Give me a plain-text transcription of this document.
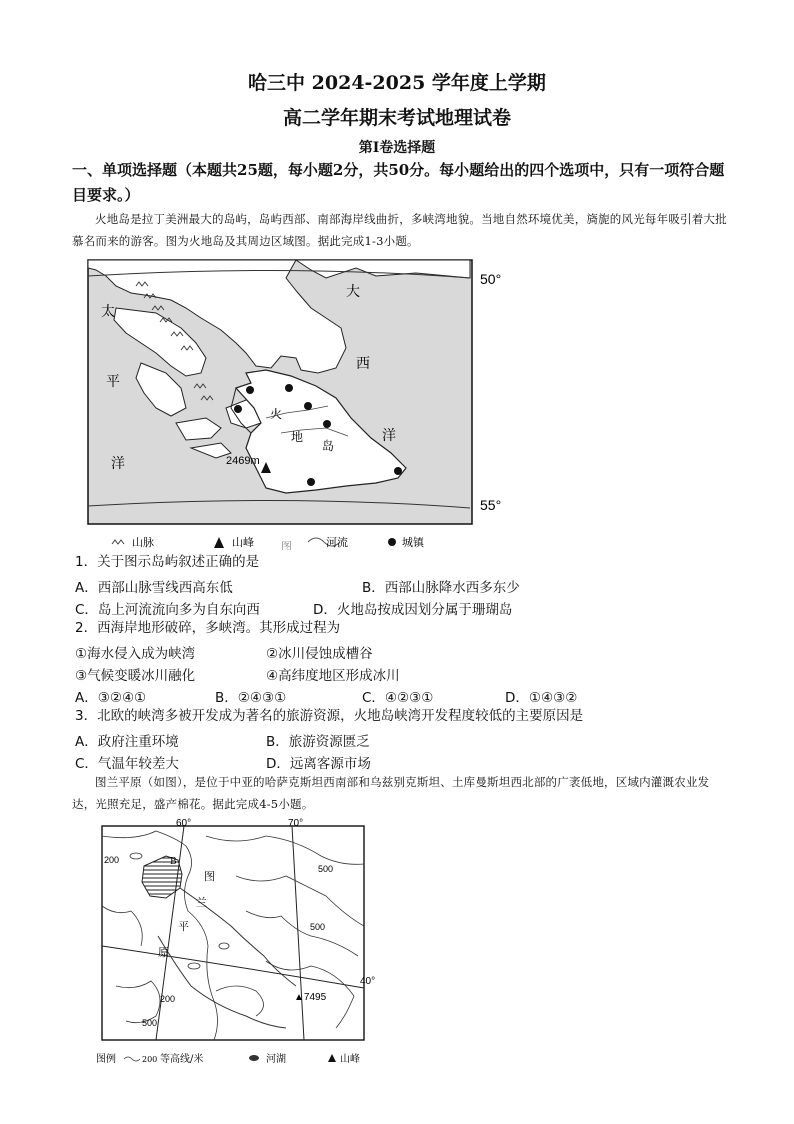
哈三中 2024-2025 学年度上学期
高二学年期末考试地理试卷
第Ⅰ卷选择题
一、单项选择题（本题共25题，每小题2分，共50分。每小题给出的四个选项中，只有一项符合题目要求。）
火地岛是拉丁美洲最大的岛屿，岛屿西部、南部海岸线曲折，多峡湾地貌。当地自然环境优美，旖旎的风光每年吸引着大批慕名而来的游客。图为火地岛及其周边区域图。据此完成1-3小题。
2469m
50°
55°
太
平
洋
大
西
洋
火
地
岛
山脉	山峰 图	河流	城镇
1．关于图示岛屿叙述正确的是
A．西部山脉雪线西高东低	B．西部山脉降水西多东少
C．岛上河流流向多为自东向西	D．火地岛按成因划分属于珊瑚岛
2．西海岸地形破碎，多峡湾。其形成过程为
①海水侵入成为峡湾	②冰川侵蚀成槽谷
③气候变暖冰川融化	④高纬度地区形成冰川
A．③②④①	B．②④③①	C．④②③①	D．①④③②
3．北欧的峡湾多被开发成为著名的旅游资源，火地岛峡湾开发程度较低的主要原因是
A．政府注重环境	B．旅游资源匮乏
C．气温年较差大	D．远离客源市场
图兰平原（如图），是位于中亚的哈萨克斯坦西南部和乌兹别克斯坦、土库曼斯坦西北部的广袤低地，区域内灌溉农业发达，光照充足，盛产棉花。据此完成4-5小题。
B
60°	70°
40°
200
500
500
200
500
图
兰
平
原
▲7495
图例	200 等高线/米	河湖	山峰
